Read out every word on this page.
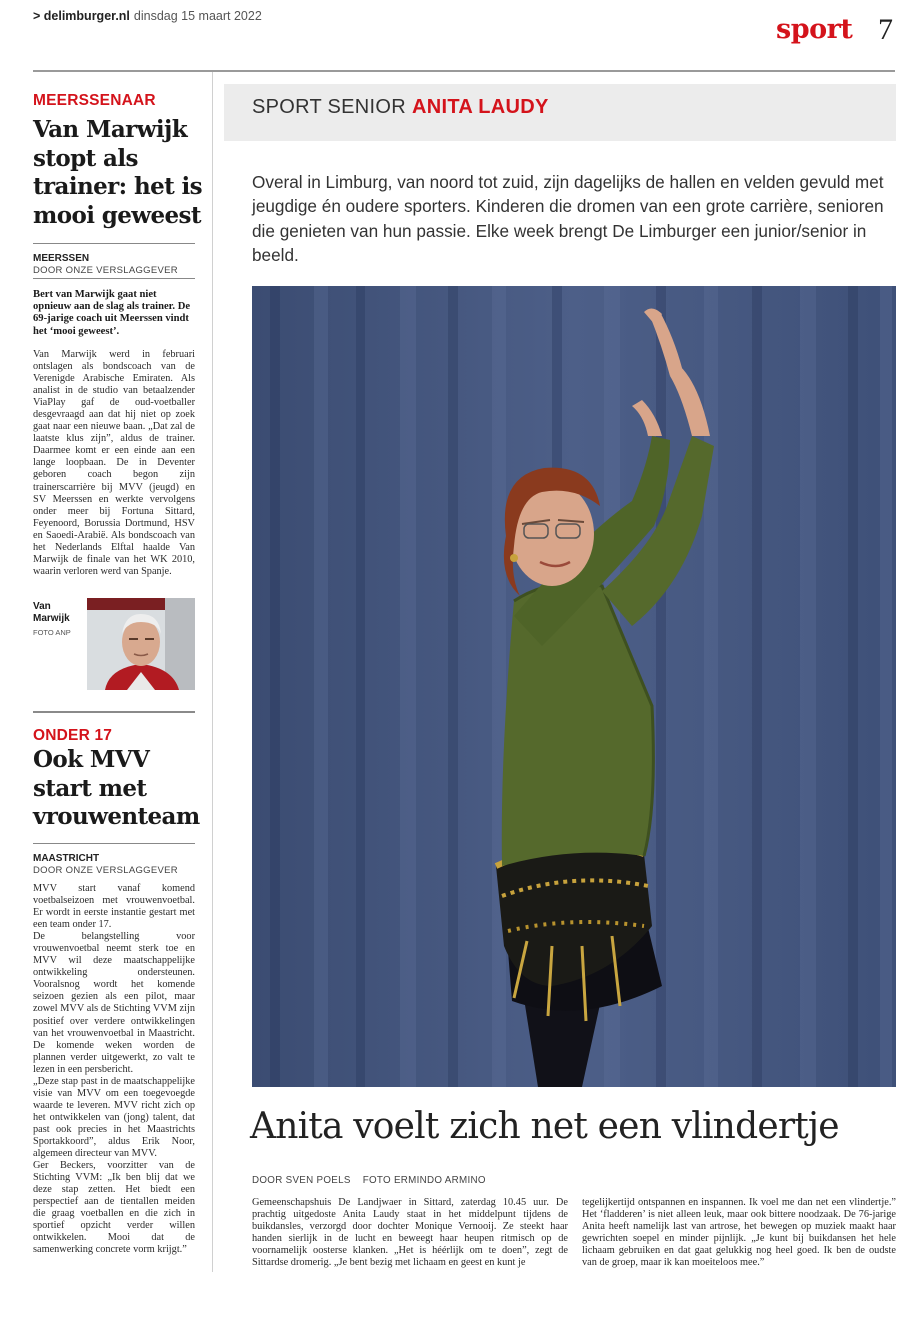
> delimburger.nl dinsdag 15 maart 2022	sport 7
MEERSSENAAR
Van Marwijk stopt als trainer: het is mooi geweest
MEERSSEN
DOOR ONZE VERSLAGGEVER
Bert van Marwijk gaat niet opnieuw aan de slag als trainer. De 69-jarige coach uit Meerssen vindt het ‘mooi geweest’.
Van Marwijk werd in februari ontslagen als bondscoach van de Verenigde Arabische Emiraten. Als analist in de studio van betaalzender ViaPlay gaf de oud-voetballer desgevraagd aan dat hij niet op zoek gaat naar een nieuwe baan. „Dat zal de laatste klus zijn”, aldus de trainer. Daarmee komt er een einde aan een lange loopbaan. De in Deventer geboren coach begon zijn trainerscarrière bij MVV (jeugd) en SV Meerssen en werkte vervolgens onder meer bij Fortuna Sittard, Feyenoord, Borussia Dortmund, HSV en Saoedi-Arabië. Als bondscoach van het Nederlands Elftal haalde Van Marwijk de finale van het WK 2010, waarin verloren werd van Spanje.
Van Marwijk
FOTO ANP
ONDER 17
Ook MVV start met vrouwenteam
MAASTRICHT
DOOR ONZE VERSLAGGEVER

MVV start vanaf komend voetbalseizoen met vrouwenvoetbal. Er wordt in eerste instantie gestart met een team onder 17.

De belangstelling voor vrouwenvoetbal neemt sterk toe en MVV wil deze maatschappelijke ontwikkeling ondersteunen. Vooralsnog wordt het komende seizoen gezien als een pilot, maar zowel MVV als de Stichting VVM zijn positief over verdere ontwikkelingen van het vrouwenvoetbal in Maastricht. De komende weken worden de plannen verder uitgewerkt, zo valt te lezen in een persbericht.

„Deze stap past in de maatschappelijke visie van MVV om een toegevoegde waarde te leveren. MVV richt zich op het ontwikkelen van (jong) talent, dat past ook precies in het Maastrichts Sportakkoord”, aldus Erik Noor, algemeen directeur van MVV.

Ger Beckers, voorzitter van de Stichting VVM: „Ik ben blij dat we deze stap zetten. Het biedt een perspectief aan de tientallen meiden die graag voetballen en die zich in sportief opzicht verder willen ontwikkelen. Mooi dat de samenwerking concrete vorm krijgt.”

SPORT SENIOR ANITA LAUDY
Overal in Limburg, van noord tot zuid, zijn dagelijks de hallen en velden gevuld met jeugdige én oudere sporters. Kinderen die dromen van een grote carrière, senioren die genieten van hun passie. Elke week brengt De Limburger een junior/senior in beeld.
Anita voelt zich net een vlindertje
DOOR SVEN POELS FOTO ERMINDO ARMINO
Gemeenschapshuis De Landjwaer in Sittard, zaterdag 10.45 uur. De prachtig uitgedoste Anita Laudy staat in het middelpunt tijdens de buikdansles, verzorgd door dochter Monique Vernooij. Ze steekt haar handen sierlijk in de lucht en beweegt haar heupen ritmisch op de voornamelijk oosterse klanken. „Het is héérlijk om te doen”, zegt de Sittardse dromerig. „Je bent bezig met lichaam en geest en kunt je
tegelijkertijd ontspannen en inspannen. Ik voel me dan net een vlindertje.” Het ‘fladderen’ is niet alleen leuk, maar ook bittere noodzaak. De 76-jarige Anita heeft namelijk last van artrose, het bewegen op muziek maakt haar gewrichten soepel en minder pijnlijk. „Je kunt bij buikdansen het hele lichaam gebruiken en dat gaat gelukkig nog heel goed. Ik ben de oudste van de groep, maar ik kan moeiteloos mee.”
